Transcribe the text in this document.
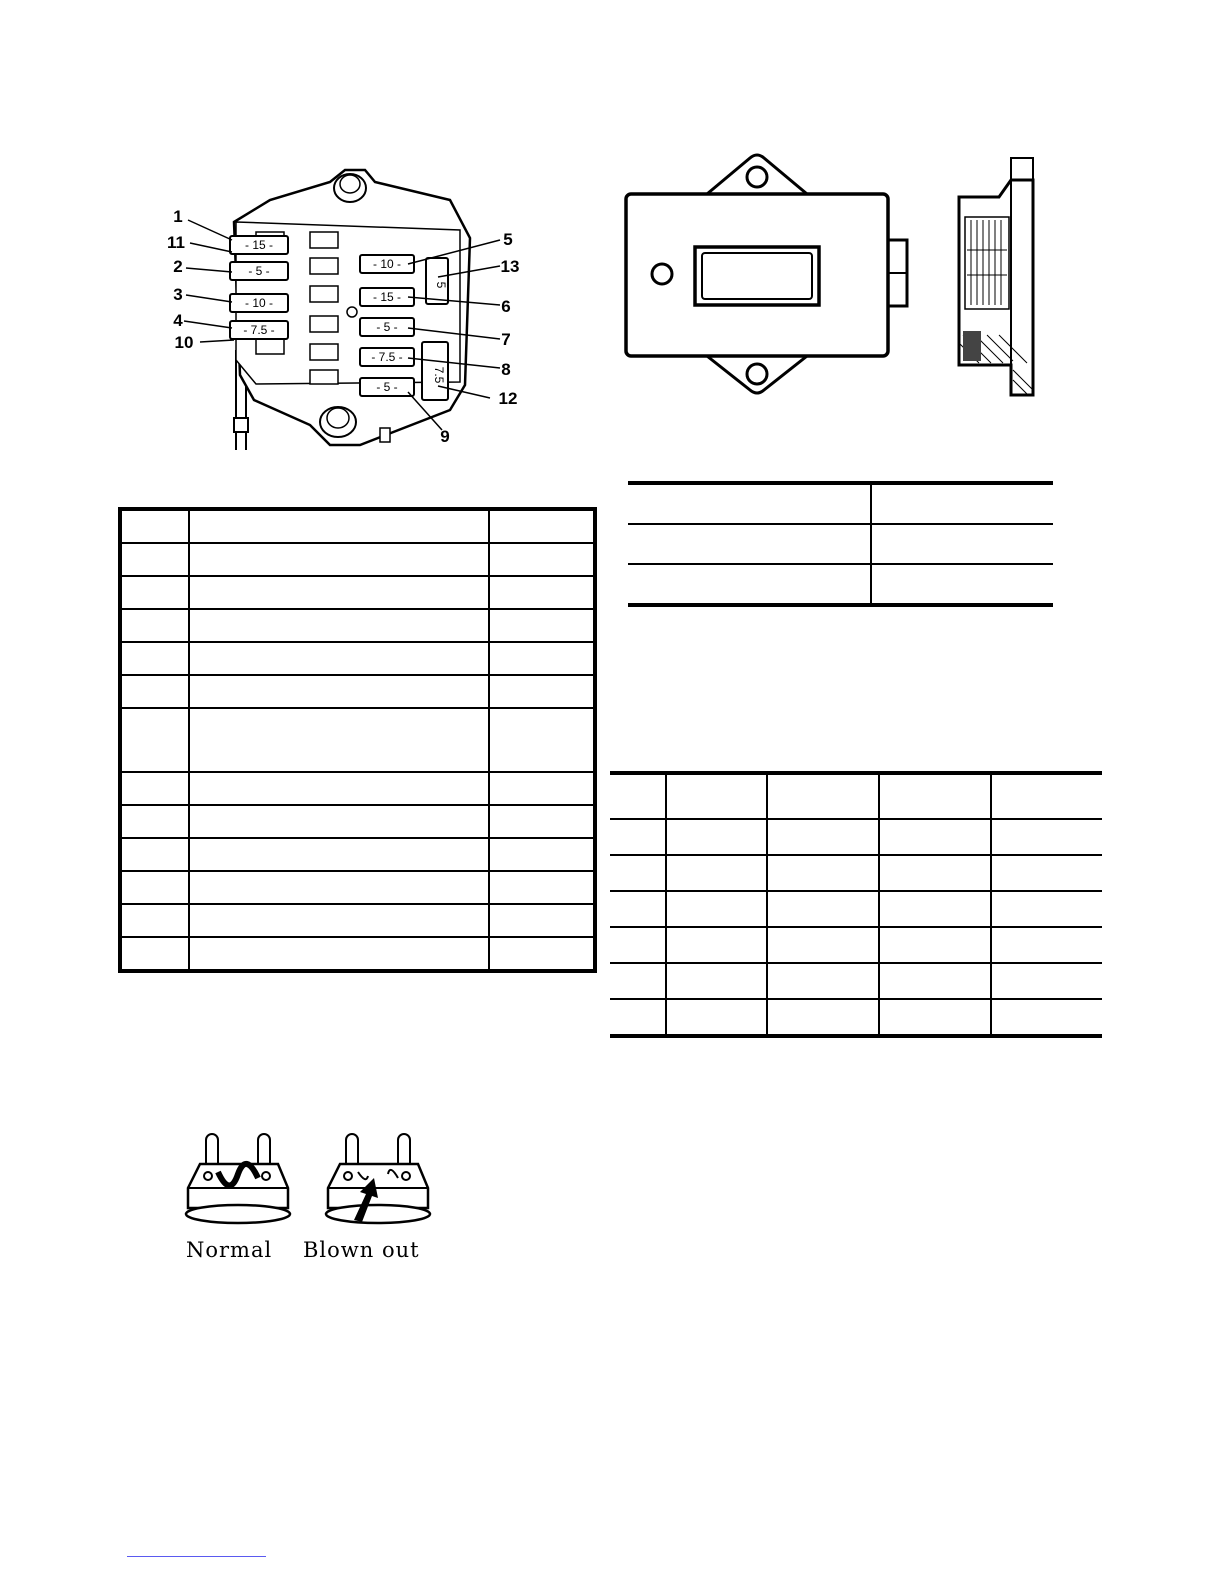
- 15 -
- 5 -
- 10 -
- 7.5 -
- 10 -
- 15 -
- 5 -
- 7.5 -
- 5 -
5
7.5
1
11
2
3
4
10
5
13
6
7
8
12
9

Normal Blown out
